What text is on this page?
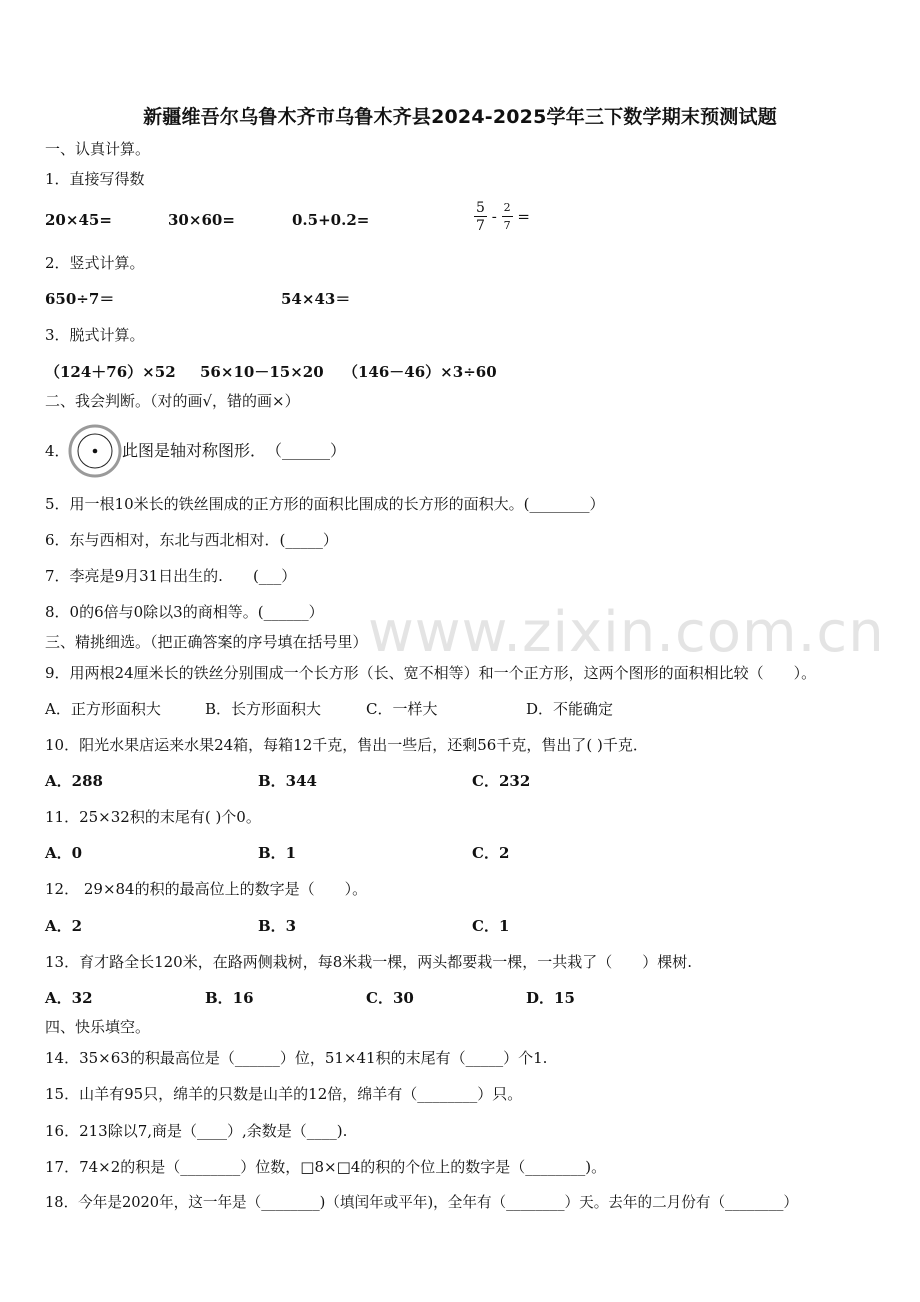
www.zixin.com.cn
新疆维吾尔乌鲁木齐市乌鲁木齐县2024-2025学年三下数学期末预测试题
一、认真计算。
1．直接写得数
20×45=	30×60=	0.5+0.2=	$\frac{5}{7} - \frac{2}{7}$ =
2．竖式计算。
650÷7＝	54×43＝
3．脱式计算。
（124＋76）×52 56×10－15×20 （146－46）×3÷60
二、我会判断。（对的画√，错的画×）
4．	此图是轴对称图形．　（______）
5．用一根10米长的铁丝围成的正方形的面积比围成的长方形的面积大。(________）
6．东与西相对，东北与西北相对．(_____）
7．李亮是9月31日出生的.　　(___）
8．0的6倍与0除以3的商相等。(______）
三、精挑细选。（把正确答案的序号填在括号里）
9．用两根24厘米长的铁丝分别围成一个长方形（长、宽不相等）和一个正方形，这两个图形的面积相比较（　　）。
A．正方形面积大	B．长方形面积大	C．一样大	D．不能确定
10．阳光水果店运来水果24箱，每箱12千克，售出一些后，还剩56千克，售出了( )千克．
A．288	B．344	C．232
11．25×32积的末尾有( )个0。
A．0	B．1	C．2
12． 29×84的积的最高位上的数字是（　　）。
A．2	B．3	C．1
13．育才路全长120米，在路两侧栽树，每8米栽一棵，两头都要栽一棵，一共栽了（　　）棵树.
A．32	B．16	C．30	D．15
四、快乐填空。
14．35×63的积最高位是（______）位，51×41积的末尾有（_____）个1.
15．山羊有95只，绵羊的只数是山羊的12倍，绵羊有（________）只。
16．213除以7,商是（____）,余数是（____).
17．74×2的积是（________）位数，□8×□4的积的个位上的数字是（________)。
18．今年是2020年，这一年是（________)（填闰年或平年)，全年有（________）天。去年的二月份有（________）
